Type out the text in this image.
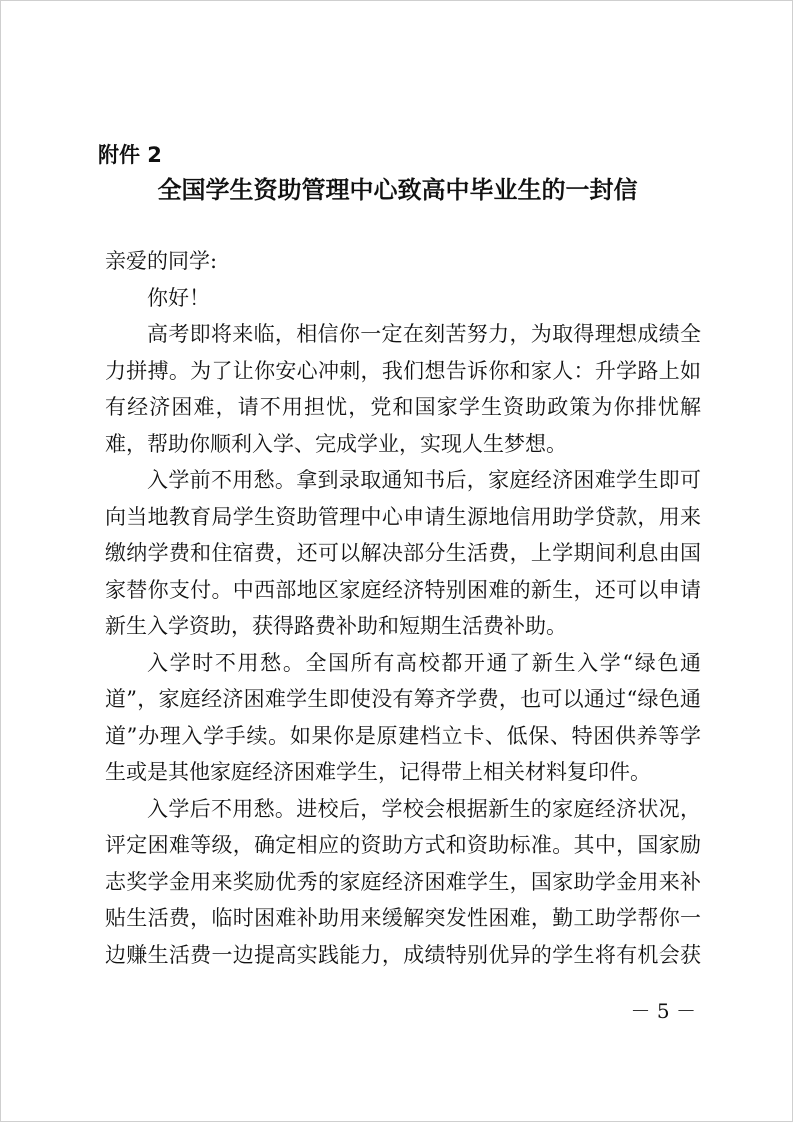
附件 2
全国学生资助管理中心致高中毕业生的一封信

亲爱的同学:

你好！

高考即将来临，相信你一定在刻苦努力，为取得理想成绩全力拼搏。为了让你安心冲刺，我们想告诉你和家人：升学路上如有经济困难，请不用担忧，党和国家学生资助政策为你排忧解难，帮助你顺利入学、完成学业，实现人生梦想。

入学前不用愁。拿到录取通知书后，家庭经济困难学生即可向当地教育局学生资助管理中心申请生源地信用助学贷款，用来缴纳学费和住宿费，还可以解决部分生活费，上学期间利息由国家替你支付。中西部地区家庭经济特别困难的新生，还可以申请新生入学资助，获得路费补助和短期生活费补助。

入学时不用愁。全国所有高校都开通了新生入学“绿色通道”，家庭经济困难学生即使没有筹齐学费，也可以通过“绿色通道”办理入学手续。如果你是原建档立卡、低保、特困供养等学生或是其他家庭经济困难学生，记得带上相关材料复印件。

入学后不用愁。进校后，学校会根据新生的家庭经济状况，评定困难等级，确定相应的资助方式和资助标准。其中，国家励志奖学金用来奖励优秀的家庭经济困难学生，国家助学金用来补贴生活费，临时困难补助用来缓解突发性困难，勤工助学帮你一边赚生活费一边提高实践能力，成绩特别优异的学生将有机会获

－ 5 －
